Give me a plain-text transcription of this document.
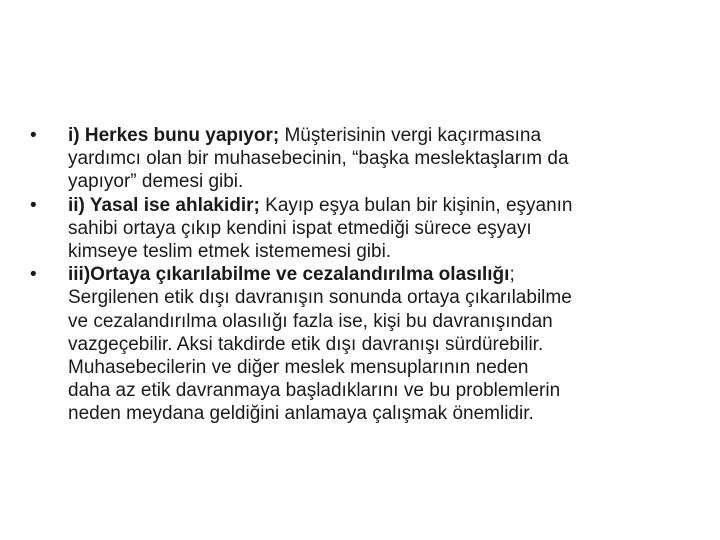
•	i) Herkes bunu yapıyor; Müşterisinin vergi kaçırmasına
yardımcı olan bir muhasebecinin, “başka meslektaşlarım da
yapıyor” demesi gibi.
•	ii) Yasal ise ahlakidir; Kayıp eşya bulan bir kişinin, eşyanın
sahibi ortaya çıkıp kendini ispat etmediği sürece eşyayı
kimseye teslim etmek istememesi gibi.
•	iii)Ortaya çıkarılabilme ve cezalandırılma olasılığı;
Sergilenen etik dışı davranışın sonunda ortaya çıkarılabilme
ve cezalandırılma olasılığı fazla ise, kişi bu davranışından
vazgeçebilir. Aksi takdirde etik dışı davranışı sürdürebilir.
Muhasebecilerin ve diğer meslek mensuplarının neden
daha az etik davranmaya başladıklarını ve bu problemlerin
neden meydana geldiğini anlamaya çalışmak önemlidir.
